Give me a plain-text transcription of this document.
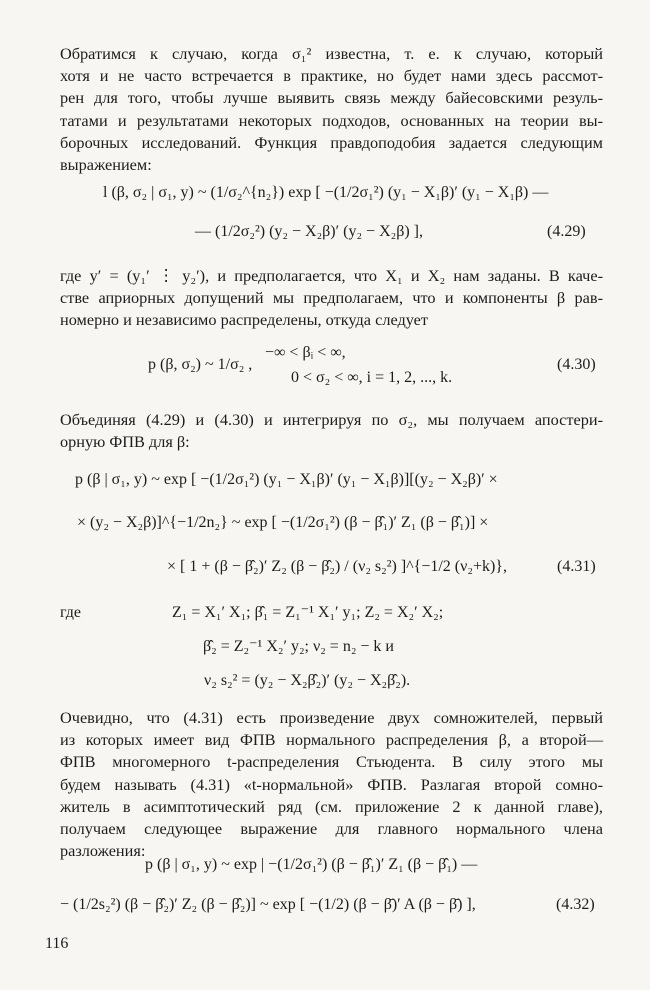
Обратимся к случаю, когда σ₁² известна, т. е. к случаю, который
хотя и не часто встречается в практике, но будет нами здесь рассмот-
рен для того, чтобы лучше выявить связь между байесовскими резуль-
татами и результатами некоторых подходов, основанных на теории вы-
борочных исследований. Функция правдоподобия задается следующим
выражением:
l (β, σ₂ | σ₁, y) ~ (1/σ₂^{n₂}) exp [ −(1/2σ₁²) (y₁ − X₁β)′ (y₁ − X₁β) —
— (1/2σ₂²) (y₂ − X₂β)′ (y₂ − X₂β) ],	(4.29)
где y′ = (y₁′ ⋮ y₂′), и предполагается, что X₁ и X₂ нам заданы. В каче-
стве априорных допущений мы предполагаем, что и компоненты β рав-
номерно и независимо распределены, откуда следует
p (β, σ₂) ~ 1/σ₂ ,
−∞ < βᵢ < ∞,
0 < σ₂ < ∞, i = 1, 2, ..., k.
(4.30)
Объединяя (4.29) и (4.30) и интегрируя по σ₂, мы получаем апостери-
орную ФПВ для β:
p (β | σ₁, y) ~ exp [ −(1/2σ₁²) (y₁ − X₁β)′ (y₁ − X₁β)][(y₂ − X₂β)′ ×
× (y₂ − X₂β)]^{−1/2n₂} ~ exp [ −(1/2σ₁²) (β − β̂₁)′ Z₁ (β − β̂₁)] ×
× [ 1 + (β − β̂₂)′ Z₂ (β − β̂₂) / (ν₂ s₂²) ]^{−1/2 (ν₂+k)},	(4.31)
где	Z₁ = X₁′ X₁; β̂₁ = Z₁⁻¹ X₁′ y₁; Z₂ = X₂′ X₂;
β̂₂ = Z₂⁻¹ X₂′ y₂; ν₂ = n₂ − k и
ν₂ s₂² = (y₂ − X₂β̂₂)′ (y₂ − X₂β̂₂).
Очевидно, что (4.31) есть произведение двух сомножителей, первый
из которых имеет вид ФПВ нормального распределения β, а второй—
ФПВ многомерного t-распределения Стьюдента. В силу этого мы
будем называть (4.31) «t-нормальной» ФПВ. Разлагая второй сомно-
житель в асимптотический ряд (см. приложение 2 к данной главе),
получаем следующее выражение для главного нормального члена
разложения:
p (β | σ₁, y) ~ exp | −(1/2σ₁²) (β − β̂₁)′ Z₁ (β − β̂₁) —
− (1/2s₂²) (β − β̂₂)′ Z₂ (β − β̂₂)] ~ exp [ −(1/2) (β − β̄)′ A (β − β̄) ],	(4.32)
116
